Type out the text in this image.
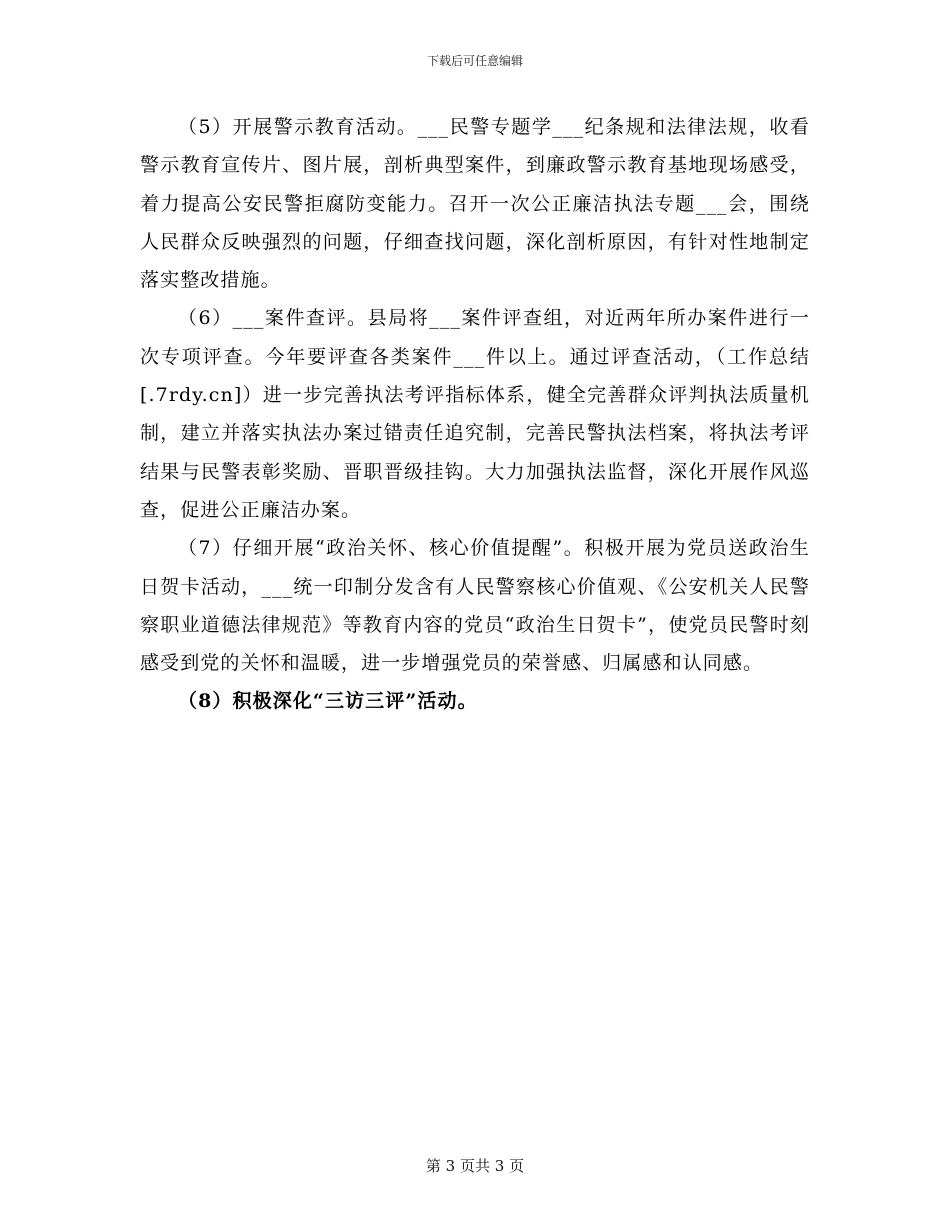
下载后可任意编辑

（5）开展警示教育活动。___民警专题学___纪条规和法律法规，收看警示教育宣传片、图片展，剖析典型案件，到廉政警示教育基地现场感受，着力提高公安民警拒腐防变能力。召开一次公正廉洁执法专题___会，围绕人民群众反映强烈的问题，仔细查找问题，深化剖析原因，有针对性地制定落实整改措施。

（6）___案件查评。县局将___案件评查组，对近两年所办案件进行一次专项评查。今年要评查各类案件___件以上。通过评查活动，（工作总结[.7rdy.cn]）进一步完善执法考评指标体系，健全完善群众评判执法质量机制，建立并落实执法办案过错责任追究制，完善民警执法档案，将执法考评结果与民警表彰奖励、晋职晋级挂钩。大力加强执法监督，深化开展作风巡查，促进公正廉洁办案。

（7）仔细开展“政治关怀、核心价值提醒”。积极开展为党员送政治生日贺卡活动，___统一印制分发含有人民警察核心价值观、《公安机关人民警察职业道德法律规范》等教育内容的党员“政治生日贺卡”，使党员民警时刻感受到党的关怀和温暖，进一步增强党员的荣誉感、归属感和认同感。

（8）积极深化“三访三评”活动。

第 3 页共 3 页
